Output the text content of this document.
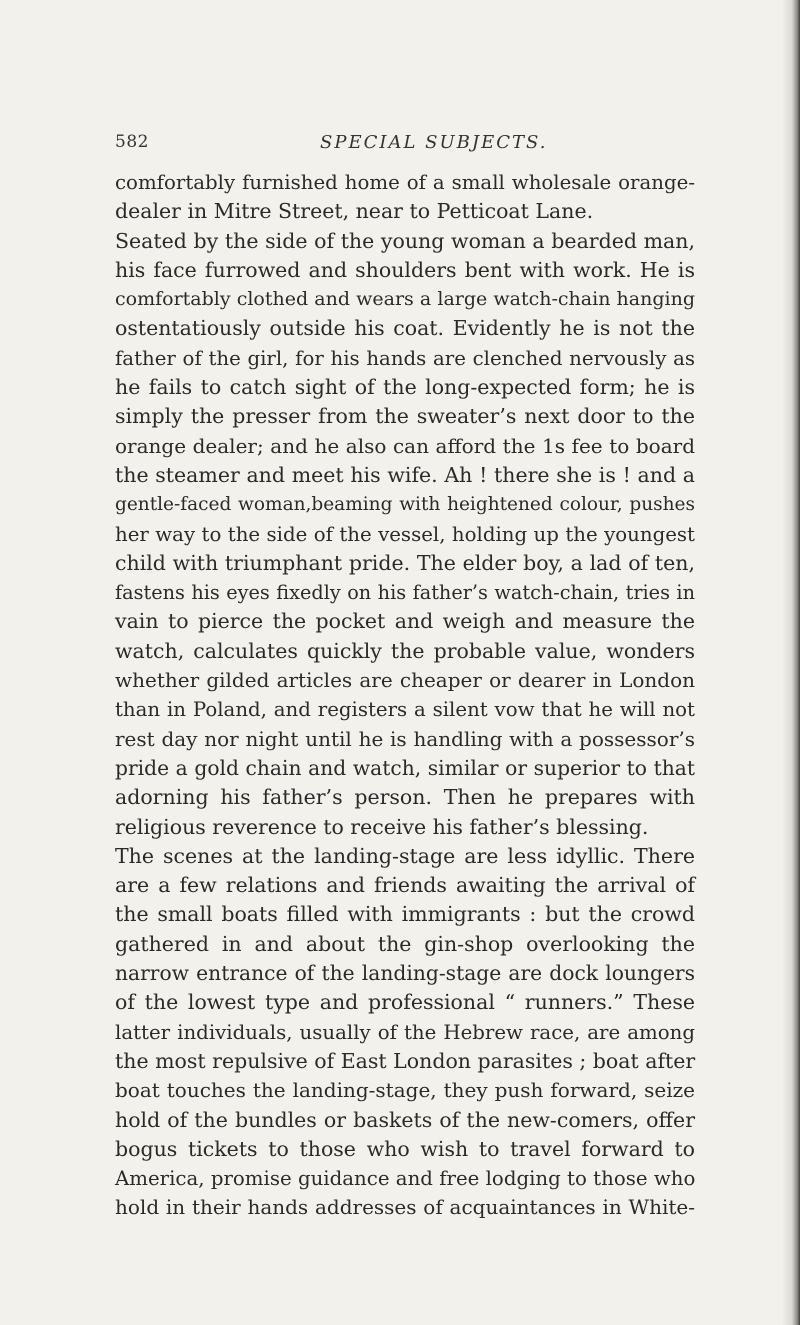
582	SPECIAL SUBJECTS.
comfortably furnished home of a small wholesale orange-
dealer in Mitre Street, near to Petticoat Lane.
Seated by the side of the young woman a bearded man,
his face furrowed and shoulders bent with work. He is
comfortably clothed and wears a large watch-chain hanging
ostentatiously outside his coat. Evidently he is not the
father of the girl, for his hands are clenched nervously as
he fails to catch sight of the long-expected form; he is
simply the presser from the sweater’s next door to the
orange dealer; and he also can afford the 1s fee to board
the steamer and meet his wife. Ah ! there she is ! and a
gentle-faced woman,beaming with heightened colour, pushes
her way to the side of the vessel, holding up the youngest
child with triumphant pride. The elder boy, a lad of ten,
fastens his eyes fixedly on his father’s watch-chain, tries in
vain to pierce the pocket and weigh and measure the
watch, calculates quickly the probable value, wonders
whether gilded articles are cheaper or dearer in London
than in Poland, and registers a silent vow that he will not
rest day nor night until he is handling with a possessor’s
pride a gold chain and watch, similar or superior to that
adorning his father’s person. Then he prepares with
religious reverence to receive his father’s blessing.
The scenes at the landing-stage are less idyllic. There
are a few relations and friends awaiting the arrival of
the small boats filled with immigrants : but the crowd
gathered in and about the gin-shop overlooking the
narrow entrance of the landing-stage are dock loungers
of the lowest type and professional “ runners.” These
latter individuals, usually of the Hebrew race, are among
the most repulsive of East London parasites ; boat after
boat touches the landing-stage, they push forward, seize
hold of the bundles or baskets of the new-comers, offer
bogus tickets to those who wish to travel forward to
America, promise guidance and free lodging to those who
hold in their hands addresses of acquaintances in White-
